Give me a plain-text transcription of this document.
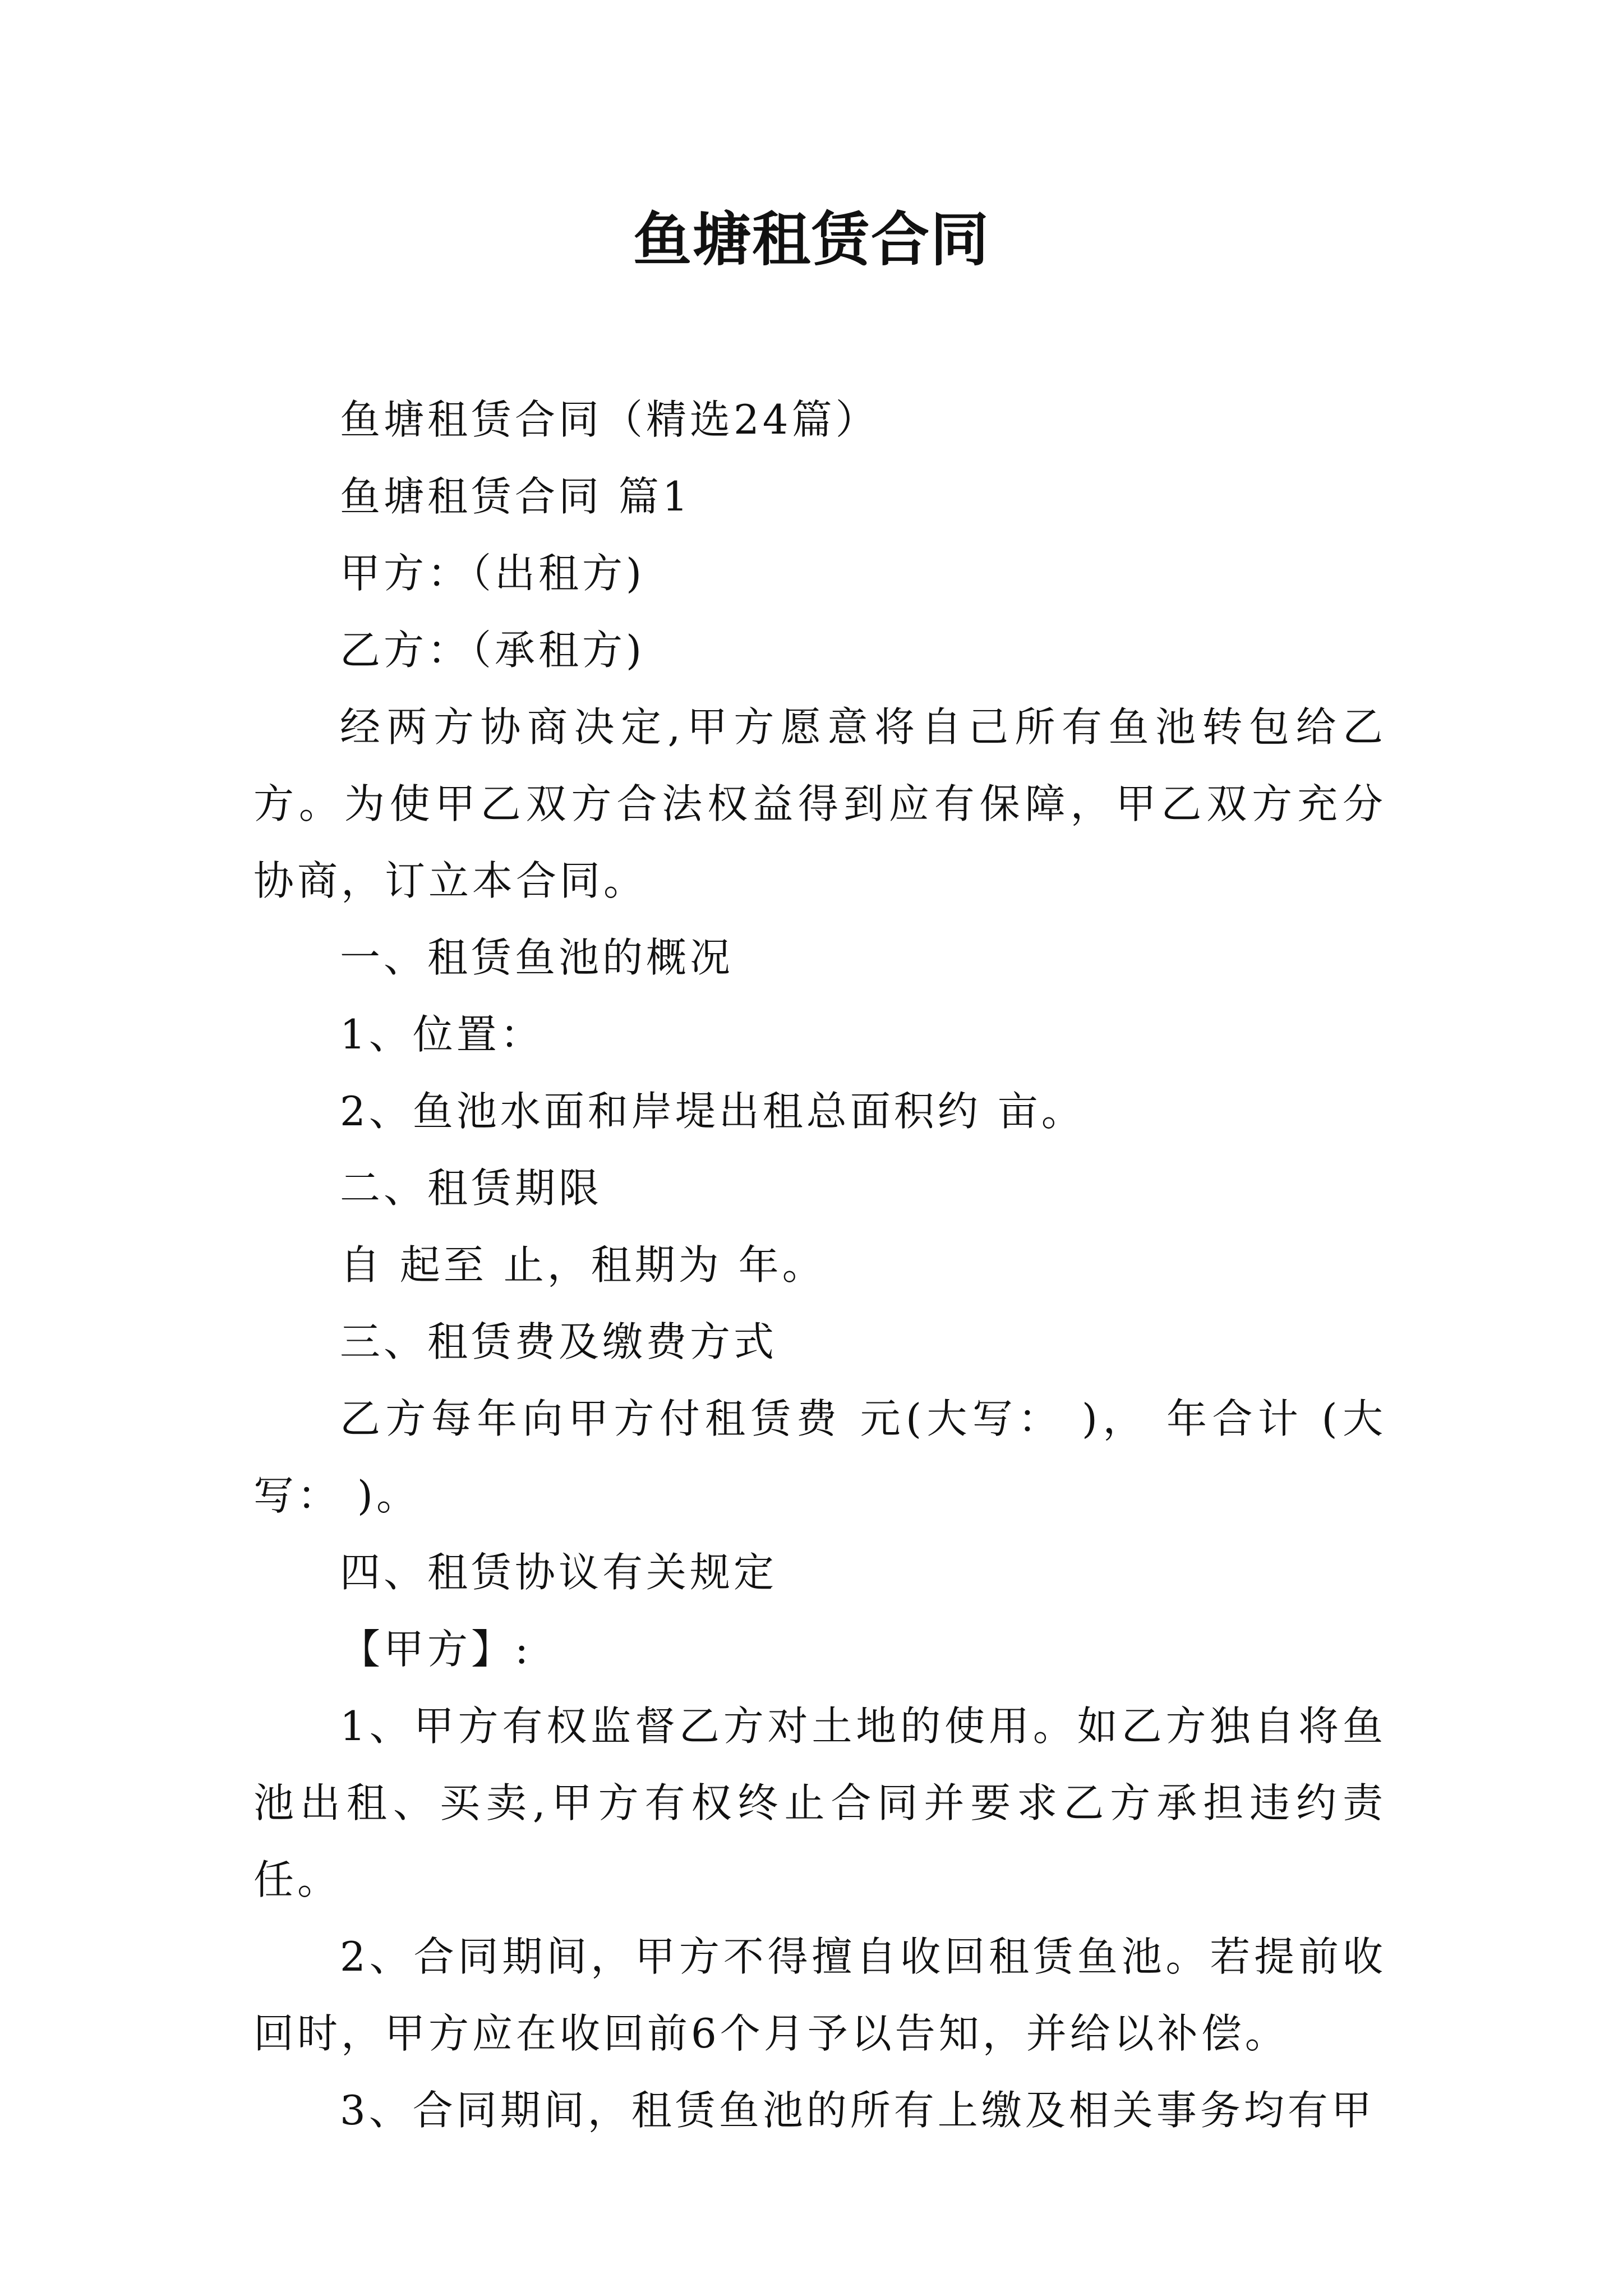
鱼塘租赁合同

鱼塘租赁合同（精选24篇）

鱼塘租赁合同 篇1

甲方：（出租方)

乙方：（承租方)

经两方协商决定,甲方愿意将自己所有鱼池转包给乙方。为使甲乙双方合法权益得到应有保障，甲乙双方充分协商，订立本合同。

一、租赁鱼池的概况

1、位置：

2、鱼池水面和岸堤出租总面积约 亩。

二、租赁期限

自 起至 止，租期为 年。

三、租赁费及缴费方式

乙方每年向甲方付租赁费 元(大写： )， 年合计 (大写： )。

四、租赁协议有关规定

【甲方】:

1、甲方有权监督乙方对土地的使用。如乙方独自将鱼池出租、买卖,甲方有权终止合同并要求乙方承担违约责任。

2、合同期间，甲方不得擅自收回租赁鱼池。若提前收回时，甲方应在收回前6个月予以告知，并给以补偿。

3、合同期间，租赁鱼池的所有上缴及相关事务均有甲
